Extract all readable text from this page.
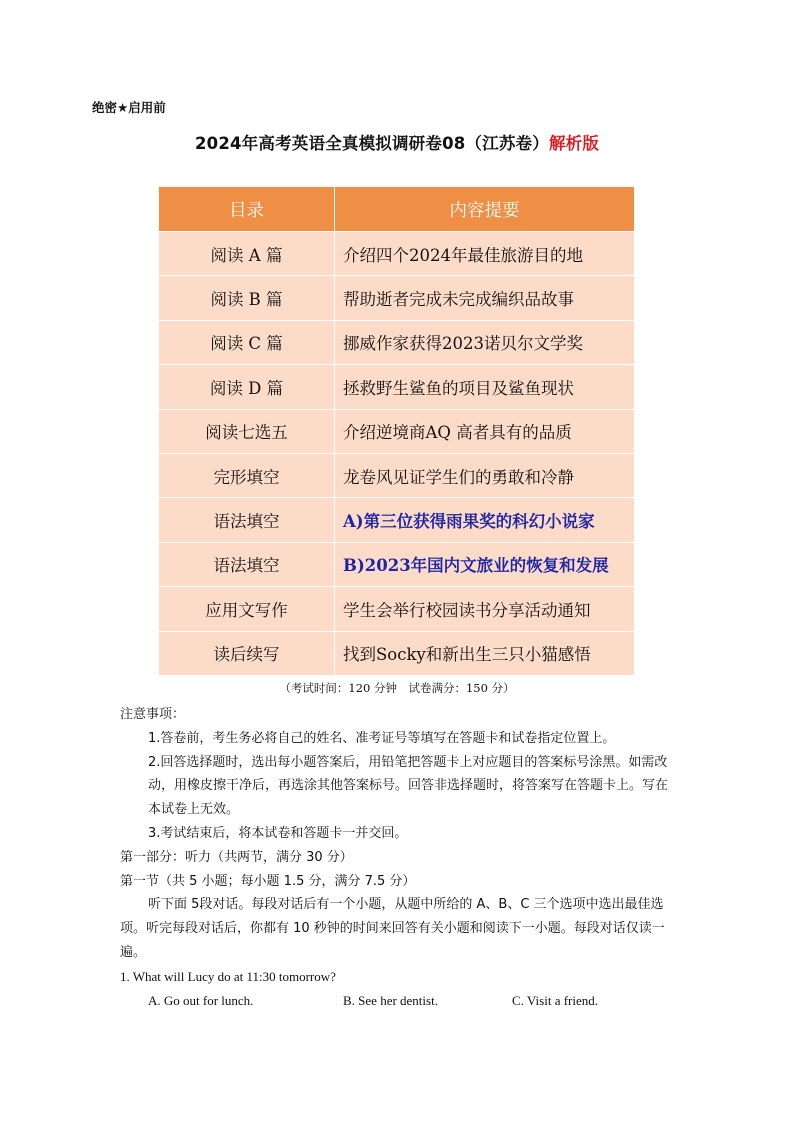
绝密★启用前
2024年高考英语全真模拟调研卷08（江苏卷）解析版
目录	内容提要
阅读 A 篇	介绍四个2024年最佳旅游目的地
阅读 B 篇	帮助逝者完成未完成编织品故事
阅读 C 篇	挪威作家获得2023诺贝尔文学奖
阅读 D 篇	拯救野生鲨鱼的项目及鲨鱼现状
阅读七选五	介绍逆境商AQ 高者具有的品质
完形填空	龙卷风见证学生们的勇敢和冷静
语法填空	A)第三位获得雨果奖的科幻小说家
语法填空	B)2023年国内文旅业的恢复和发展
应用文写作	学生会举行校园读书分享活动通知
读后续写	找到Socky和新出生三只小猫感悟
（考试时间：120 分钟　试卷满分：150 分）

注意事项：

1.答卷前，考生务必将自己的姓名、准考证号等填写在答题卡和试卷指定位置上。

2.回答选择题时，选出每小题答案后，用铅笔把答题卡上对应题目的答案标号涂黑。如需改动，用橡皮擦干净后，再选涂其他答案标号。回答非选择题时，将答案写在答题卡上。写在本试卷上无效。

3.考试结束后，将本试卷和答题卡一并交回。

第一部分：听力（共两节，满分 30 分）

第一节（共 5 小题；每小题 1.5 分，满分 7.5 分）

听下面 5段对话。每段对话后有一个小题，从题中所给的 A、B、C 三个选项中选出最佳选项。听完每段对话后，你都有 10 秒钟的时间来回答有关小题和阅读下一小题。每段对话仅读一遍。

1. What will Lucy do at 11:30 tomorrow?

A. Go out for lunch.	B. See her dentist.	C. Visit a friend.
